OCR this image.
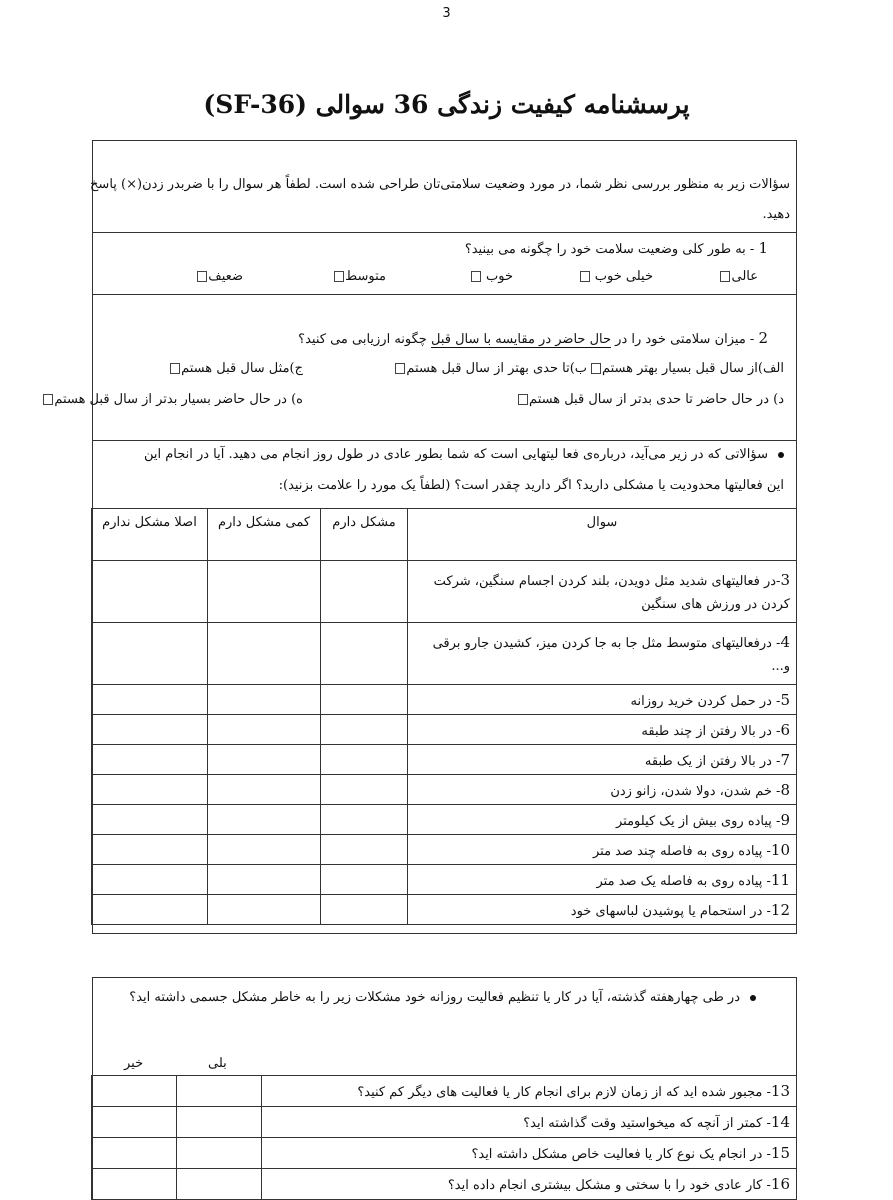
3
پرسشنامه کیفیت زندگی 36 سوالی (SF-36)
سؤالات زیر به منظور بررسی نظر شما، در مورد وضعیت سلامتی‌تان طراحی شده است. لطفاً هر سوال را با ضربدر زدن(×) پاسخ
دهید.
1 - به طور کلی وضعیت سلامت خود را چگونه می بینید؟
عالی
خیلی خوب
خوب
متوسط
ضعیف
2 - میزان سلامتی خود را در حال حاضر در مقایسه با سال قبل چگونه ارزیابی می کنید؟
الف)از سال قبل بسیار بهتر هستم
ب)تا حدی بهتر از سال قبل هستم
ج)مثل سال قبل هستم
د) در حال حاضر تا حدی بدتر از سال قبل هستم
ه) در حال حاضر بسیار بدتر از سال قبل هستم
سؤالاتی که در زیر می‌آید، درباره‌ی فعا لیتهایی است که شما بطور عادی در طول روز انجام می دهید. آیا در انجام این
این فعالیتها محدودیت یا مشکلی دارید؟ اگر دارید چقدر است؟ (لطفاً یک مورد را علامت بزنید):
سوال	مشکل دارم	کمی مشکل دارم	اصلا مشکل ندارم

3-در فعالیتهای شدید مثل دویدن، بلند کردن اجسام سنگین، شرکت
کردن در ورزش های سنگین			

4- درفعالیتهای متوسط مثل جا به جا کردن میز، کشیدن جارو برقی
و...			

5- در حمل کردن خرید روزانه			
6- در بالا رفتن از چند طبقه			
7- در بالا رفتن از یک طبقه			
8- خم شدن، دولا شدن، زانو زدن			
9- پیاده روی بیش از یک کیلومتر			
10- پیاده روی به فاصله چند صد متر			
11- پیاده روی به فاصله یک صد متر			
12- در استحمام یا پوشیدن لباسهای خود			
در طی چهارهفته گذشته، آیا در کار یا تنظیم فعالیت روزانه خود مشکلات زیر را به خاطر مشکل جسمی داشته اید؟
بلی
خیر
13- مجبور شده اید که از زمان لازم برای انجام کار یا فعالیت های دیگر کم کنید؟		
14- کمتر از آنچه که میخواستید وقت گذاشته اید؟		
15- در انجام یک نوع کار یا فعالیت خاص مشکل داشته اید؟		
16- کار عادی خود را با سختی و مشکل بیشتری انجام داده اید؟		
